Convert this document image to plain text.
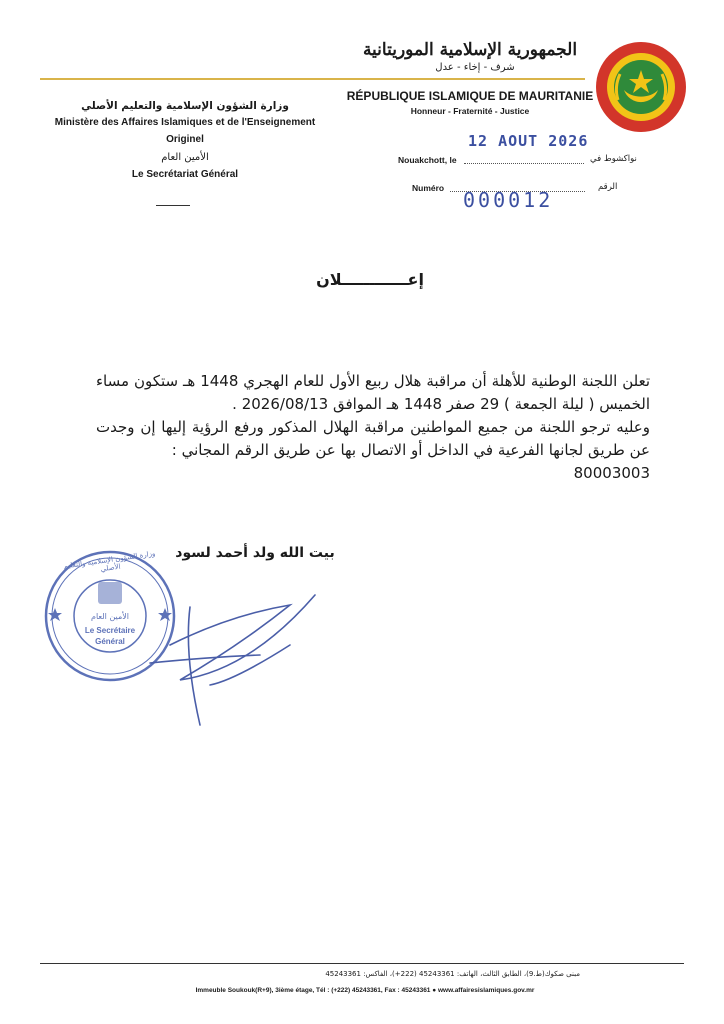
الجمهورية الإسلامية الموريتانية
شرف - إخاء - عدل
RÉPUBLIQUE ISLAMIQUE DE MAURITANIE
Honneur - Fraternité - Justice
وزارة الشؤون الإسلامية والتعليم الأصلي
Ministère des Affaires Islamiques et de l'Enseignement
Originel
الأمين العام
Le Secrétariat Général
Nouakchott, le	نواكشوط في
12 AOUT 2026
Numéro	الرقم
000012
إعــــــــــــلان

تعلن اللجنة الوطنية للأهلة أن مراقبة هلال ربيع الأول للعام الهجري 1448 هـ ستكون مساء الخميس ( ليلة الجمعة ) 29 صفر 1448 هـ الموافق 2026/08/13 .

وعليه ترجو اللجنة من جميع المواطنين مراقبة الهلال المذكور ورفع الرؤية إليها إن وجدت عن طريق لجانها الفرعية في الداخل أو الاتصال بها عن طريق الرقم المجاني :

80003003

بيت الله ولد أحمد لسود
الأمين العام
Le Secrétaire
Général
وزارة الشؤون الإسلامية والتعليم الأصلي
مبنى صكوك(ط.9)، الطابق الثالث، الهاتف: 45243361 (222+)، الفاكس: 45243361
Immeuble Soukouk(R+9), 3ième étage, Tél : (+222) 45243361, Fax : 45243361 ● www.affairesislamiques.gov.mr
